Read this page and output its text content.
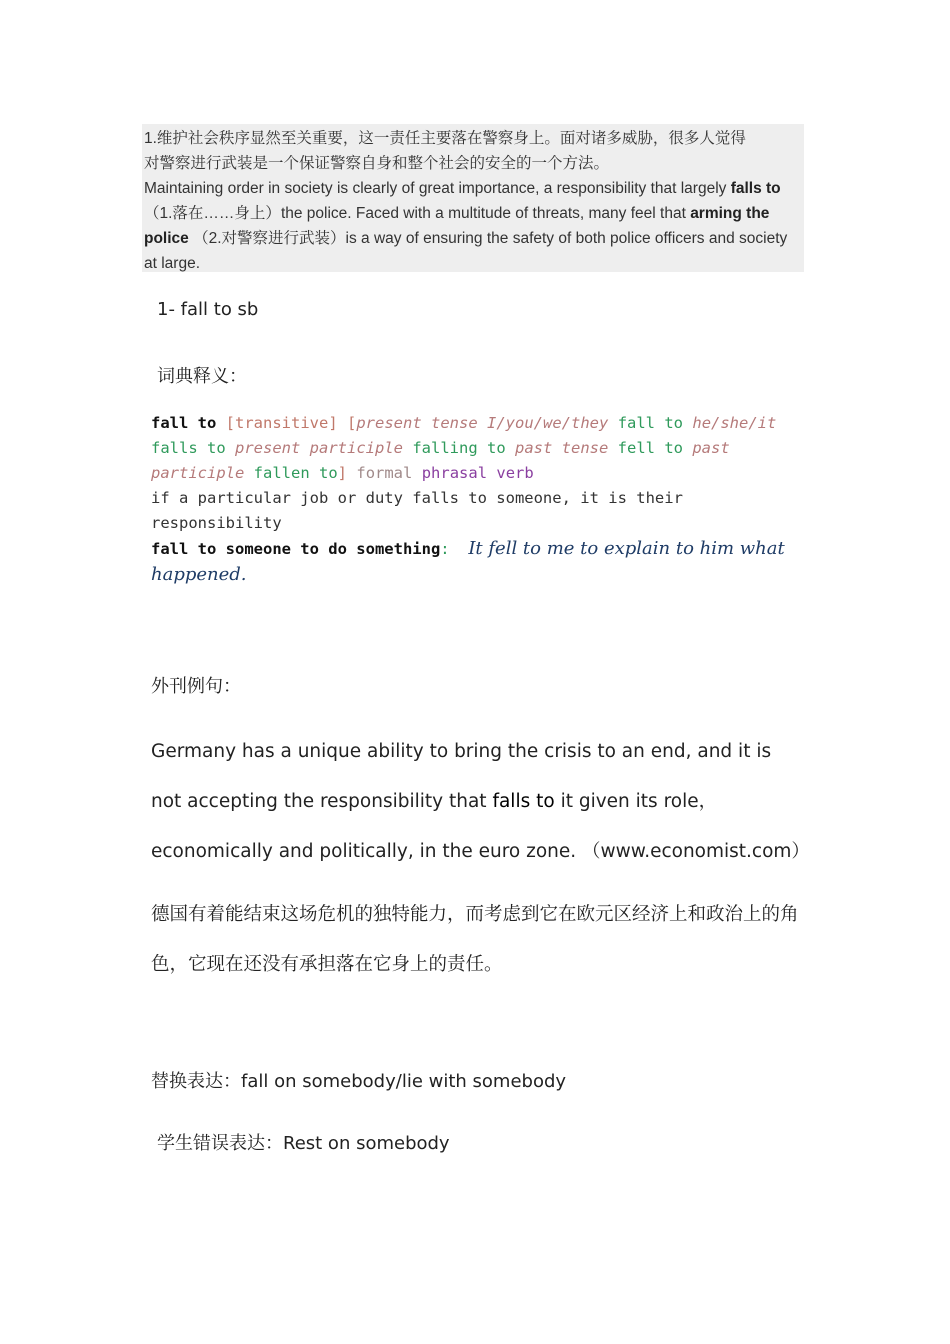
1.维护社会秩序显然至关重要，这一责任主要落在警察身上。面对诸多威胁，很多人觉得
对警察进行武装是一个保证警察自身和整个社会的安全的一个方法。
Maintaining order in society is clearly of great importance, a responsibility that largely falls to （1.落在……身上）the police. Faced with a multitude of threats, many feel that arming the police （2.对警察进行武装）is a way of ensuring the safety of both police officers and society at large.
1- fall to sb
词典释义：
fall to [transitive] [present tense I/you/we/they fall to he/she/it falls to present participle falling to past tense fell to past participle fallen to] formal phrasal verb
if a particular job or duty falls to someone, it is their responsibility
fall to someone to do something: It fell to me to explain to him what happened.
外刊例句：
Germany has a unique ability to bring the crisis to an end, and it is not accepting the responsibility that falls to it given its role， economically and politically, in the euro zone. （www.economist.com）
德国有着能结束这场危机的独特能力，而考虑到它在欧元区经济上和政治上的角色，它现在还没有承担落在它身上的责任。
替换表达：fall on somebody/lie with somebody
学生错误表达：Rest on somebody
